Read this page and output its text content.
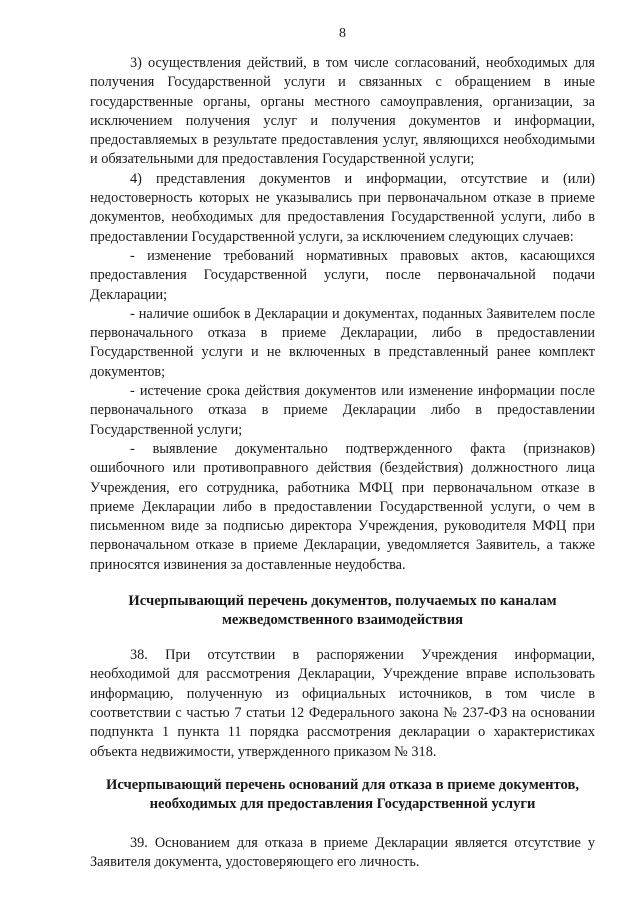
8

3) осуществления действий, в том числе согласований, необходимых для получения Государственной услуги и связанных с обращением в иные государственные органы, органы местного самоуправления, организации, за исключением получения услуг и получения документов и информации, предоставляемых в результате предоставления услуг, являющихся необходимыми и обязательными для предоставления Государственной услуги;

4) представления документов и информации, отсутствие и (или) недостоверность которых не указывались при первоначальном отказе в приеме документов, необходимых для предоставления Государственной услуги, либо в предоставлении Государственной услуги, за исключением следующих случаев:

- изменение требований нормативных правовых актов, касающихся предоставления Государственной услуги, после первоначальной подачи Декларации;

- наличие ошибок в Декларации и документах, поданных Заявителем после первоначального отказа в приеме Декларации, либо в предоставлении Государственной услуги и не включенных в представленный ранее комплект документов;

- истечение срока действия документов или изменение информации после первоначального отказа в приеме Декларации либо в предоставлении Государственной услуги;

- выявление документально подтвержденного факта (признаков) ошибочного или противоправного действия (бездействия) должностного лица Учреждения, его сотрудника, работника МФЦ при первоначальном отказе в приеме Декларации либо в предоставлении Государственной услуги, о чем в письменном виде за подписью директора Учреждения, руководителя МФЦ при первоначальном отказе в приеме Декларации, уведомляется Заявитель, а также приносятся извинения за доставленные неудобства.

Исчерпывающий перечень документов, получаемых по каналам межведомственного взаимодействия

38. При отсутствии в распоряжении Учреждения информации, необходимой для рассмотрения Декларации, Учреждение вправе использовать информацию, полученную из официальных источников, в том числе в соответствии с частью 7 статьи 12 Федерального закона № 237-ФЗ на основании подпункта 1 пункта 11 порядка рассмотрения декларации о характеристиках объекта недвижимости, утвержденного приказом № 318.

Исчерпывающий перечень оснований для отказа в приеме документов, необходимых для предоставления Государственной услуги

39. Основанием для отказа в приеме Декларации является отсутствие у Заявителя документа, удостоверяющего его личность.
